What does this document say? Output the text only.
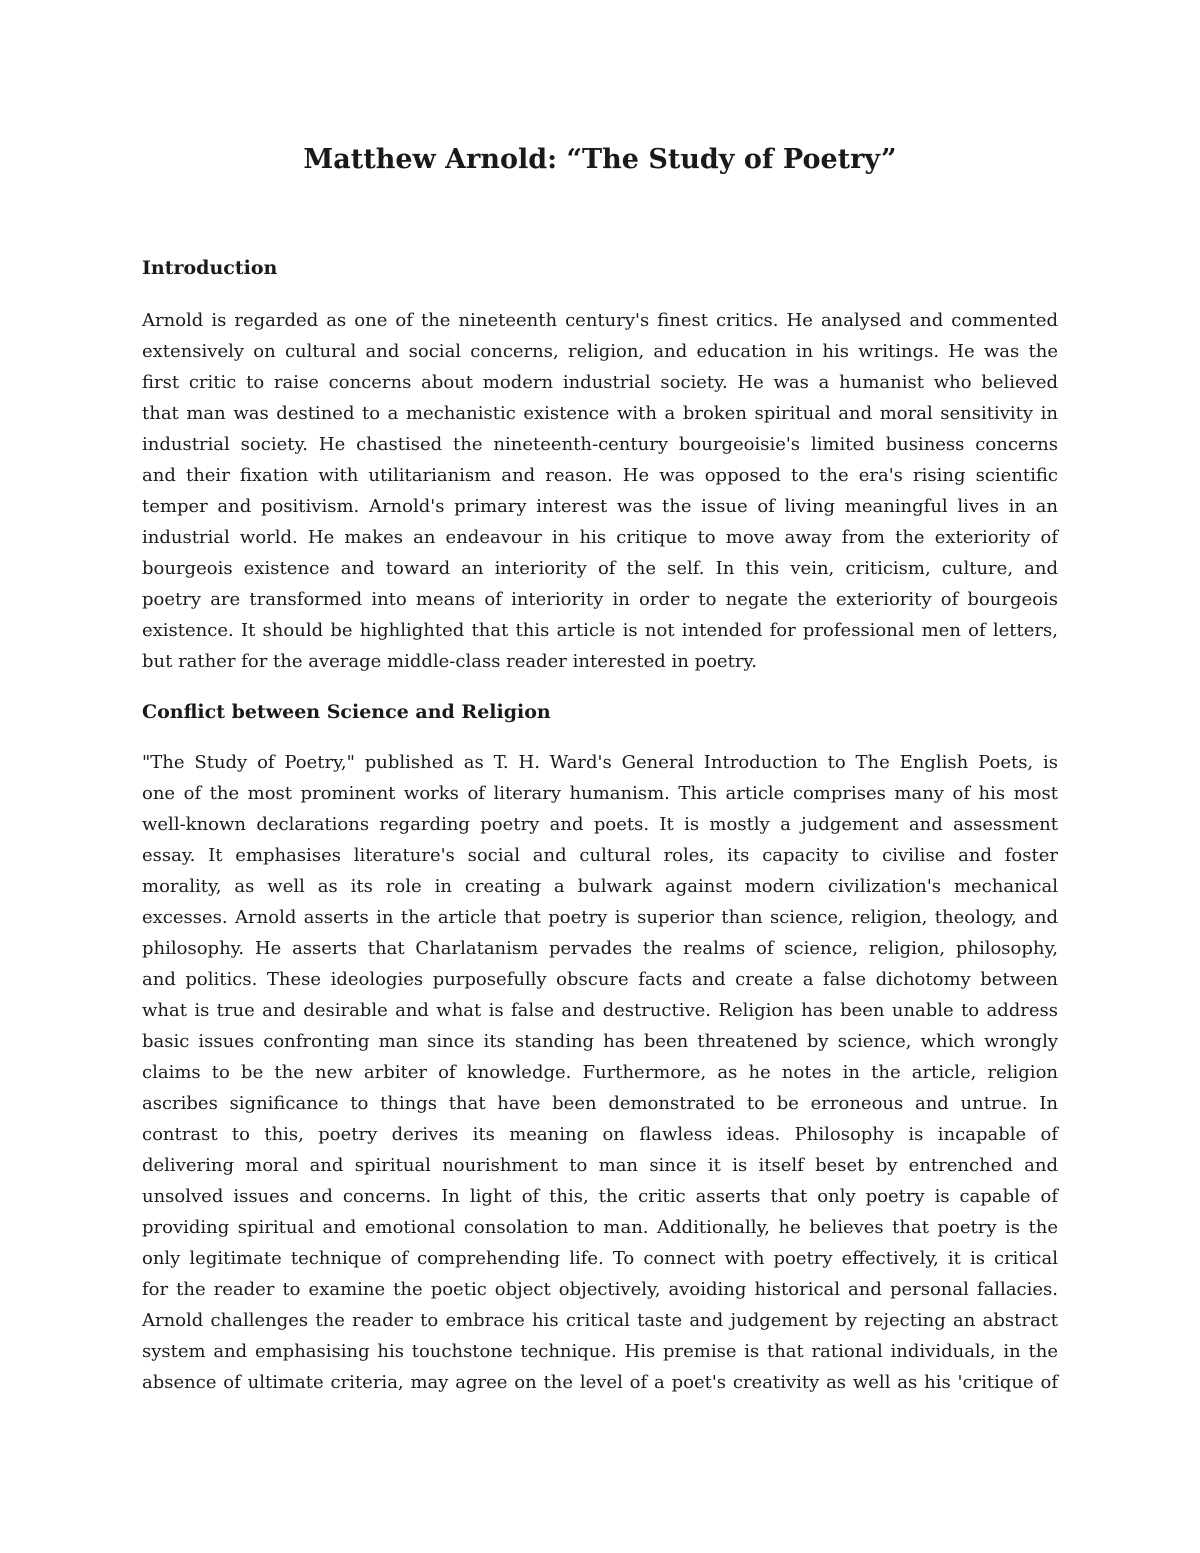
Matthew Arnold: “The Study of Poetry”
Introduction
Arnold is regarded as one of the nineteenth century's finest critics. He analysed and commented
extensively on cultural and social concerns, religion, and education in his writings. He was the
first critic to raise concerns about modern industrial society. He was a humanist who believed
that man was destined to a mechanistic existence with a broken spiritual and moral sensitivity in
industrial society. He chastised the nineteenth-century bourgeoisie's limited business concerns
and their fixation with utilitarianism and reason. He was opposed to the era's rising scientific
temper and positivism. Arnold's primary interest was the issue of living meaningful lives in an
industrial world. He makes an endeavour in his critique to move away from the exteriority of
bourgeois existence and toward an interiority of the self. In this vein, criticism, culture, and
poetry are transformed into means of interiority in order to negate the exteriority of bourgeois
existence. It should be highlighted that this article is not intended for professional men of letters,
but rather for the average middle-class reader interested in poetry.
Conflict between Science and Religion
"The Study of Poetry," published as T. H. Ward's General Introduction to The English Poets, is
one of the most prominent works of literary humanism. This article comprises many of his most
well-known declarations regarding poetry and poets. It is mostly a judgement and assessment
essay. It emphasises literature's social and cultural roles, its capacity to civilise and foster
morality, as well as its role in creating a bulwark against modern civilization's mechanical
excesses. Arnold asserts in the article that poetry is superior than science, religion, theology, and
philosophy. He asserts that Charlatanism pervades the realms of science, religion, philosophy,
and politics. These ideologies purposefully obscure facts and create a false dichotomy between
what is true and desirable and what is false and destructive. Religion has been unable to address
basic issues confronting man since its standing has been threatened by science, which wrongly
claims to be the new arbiter of knowledge. Furthermore, as he notes in the article, religion
ascribes significance to things that have been demonstrated to be erroneous and untrue. In
contrast to this, poetry derives its meaning on flawless ideas. Philosophy is incapable of
delivering moral and spiritual nourishment to man since it is itself beset by entrenched and
unsolved issues and concerns. In light of this, the critic asserts that only poetry is capable of
providing spiritual and emotional consolation to man. Additionally, he believes that poetry is the
only legitimate technique of comprehending life. To connect with poetry effectively, it is critical
for the reader to examine the poetic object objectively, avoiding historical and personal fallacies.
Arnold challenges the reader to embrace his critical taste and judgement by rejecting an abstract
system and emphasising his touchstone technique. His premise is that rational individuals, in the
absence of ultimate criteria, may agree on the level of a poet's creativity as well as his 'critique of
